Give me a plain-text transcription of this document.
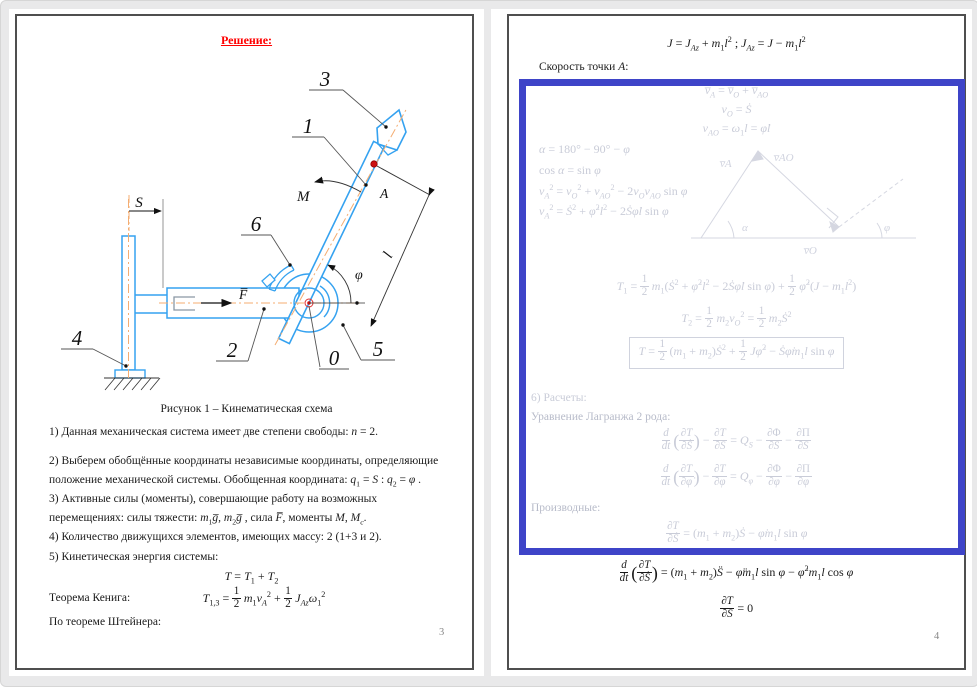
S
F̅
M	A
l
φ
3
1
6
4	2	5
0
Решение:
Рисунок 1 – Кинематическая схема
1) Данная механическая система имеет две степени свободы: n = 2.
2) Выберем обобщённые координаты независимые координаты, определяющие положение механической системы. Обобщенная координата: $q_1 = S$ : $q_2 = \varphi$ .
3) Активные силы (моменты), совершающие работу на возможных перемещениях: силы тяжести: $m_1g̅$, $m_2g̅$ , сила F̅, моменты M, $M_c$.
4) Количество движущихся элементов, имеющих массу: 2 (1+3 и 2).
5) Кинетическая энергия системы:
$T = T_1 + T_2$
Теорема Кенига:	$T_{1,3} = \frac{1}{2} m_1v_A^2 + \frac{1}{2} J_{Az}\omega_1^2$
По теореме Штейнера:
3
$J = J_{Az} + m_1l^2$ ; $J_{Az} = J - m_1l^2$
Скорость точки A:
$v̅_A$ = $v̅_O$ + $v̅_{AO}$
$v_O$ = Ṡ
$v_{AO} = \omega_1l$ = φ̇l
α = 180° − 90° − φ
cos α = sin φ
$v_A^2 = v_O^2 + v_{AO}^2 - 2v_Ov_{AO}$ sin φ
$v_A^2$ = Ṡ$^2$ + $\varphi̇^2l^2$ − 2Ṡφ̇l sin φ
v̅A	v̅AO
v̅O
α	φ
$T_1 = \frac{1}{2}$ $m_1(Ṡ^2$ + $\varphi̇^2l^2$ − 2Ṡφ̇l $\sin \varphi) + \frac{1}{2}$ φ̇$^2$(J − $m_1l^2$)
$T_2 = \frac{1}{2} m_2v_O^2 = \frac{1}{2}$ $m_2Ṡ^2$
$T = \frac{1}{2} (m_1$ + $m_2)Ṡ^2 + \frac{1}{2}$ Jφ̇$^2$ − $Ṡ\varphi̇m_1l$ sin φ
6) Расчеты:
Уравнение Лагранжа 2 рода:
$\frac{d}{dt}$ ( $\frac{\partial T}{\text{∂Ṡ}}$ ) − $\frac{\partial T}{\partial S} = Q_S - \frac{\partial\Phi}{\partial S} - \frac{\partial\Pi}{\partial S}$
$\frac{d}{dt}$ ( $\frac{\partial T}{\partial\varphi̇}$ ) − $\frac{\partial T}{\partial\varphi} = Q_\varphi - \frac{\partial\Phi}{\partial\varphi} - \frac{\partial\Pi}{\partial\varphi}$
Производные:
$\frac{\partial T}{\text{∂Ṡ}} = (m_1$ + $m_2)Ṡ$ − $\varphi̇m_1l$ sin φ
$\frac{d}{dt}$ ( $\frac{\partial T}{\text{∂Ṡ}}$ ) = ($m_1$ + $m_2)S̈$ − $\varphïm_1l$ $\sin \varphi - \varphi̇^2m_1l$ cos φ
$\frac{\partial T}{\partial S} = 0$
4
